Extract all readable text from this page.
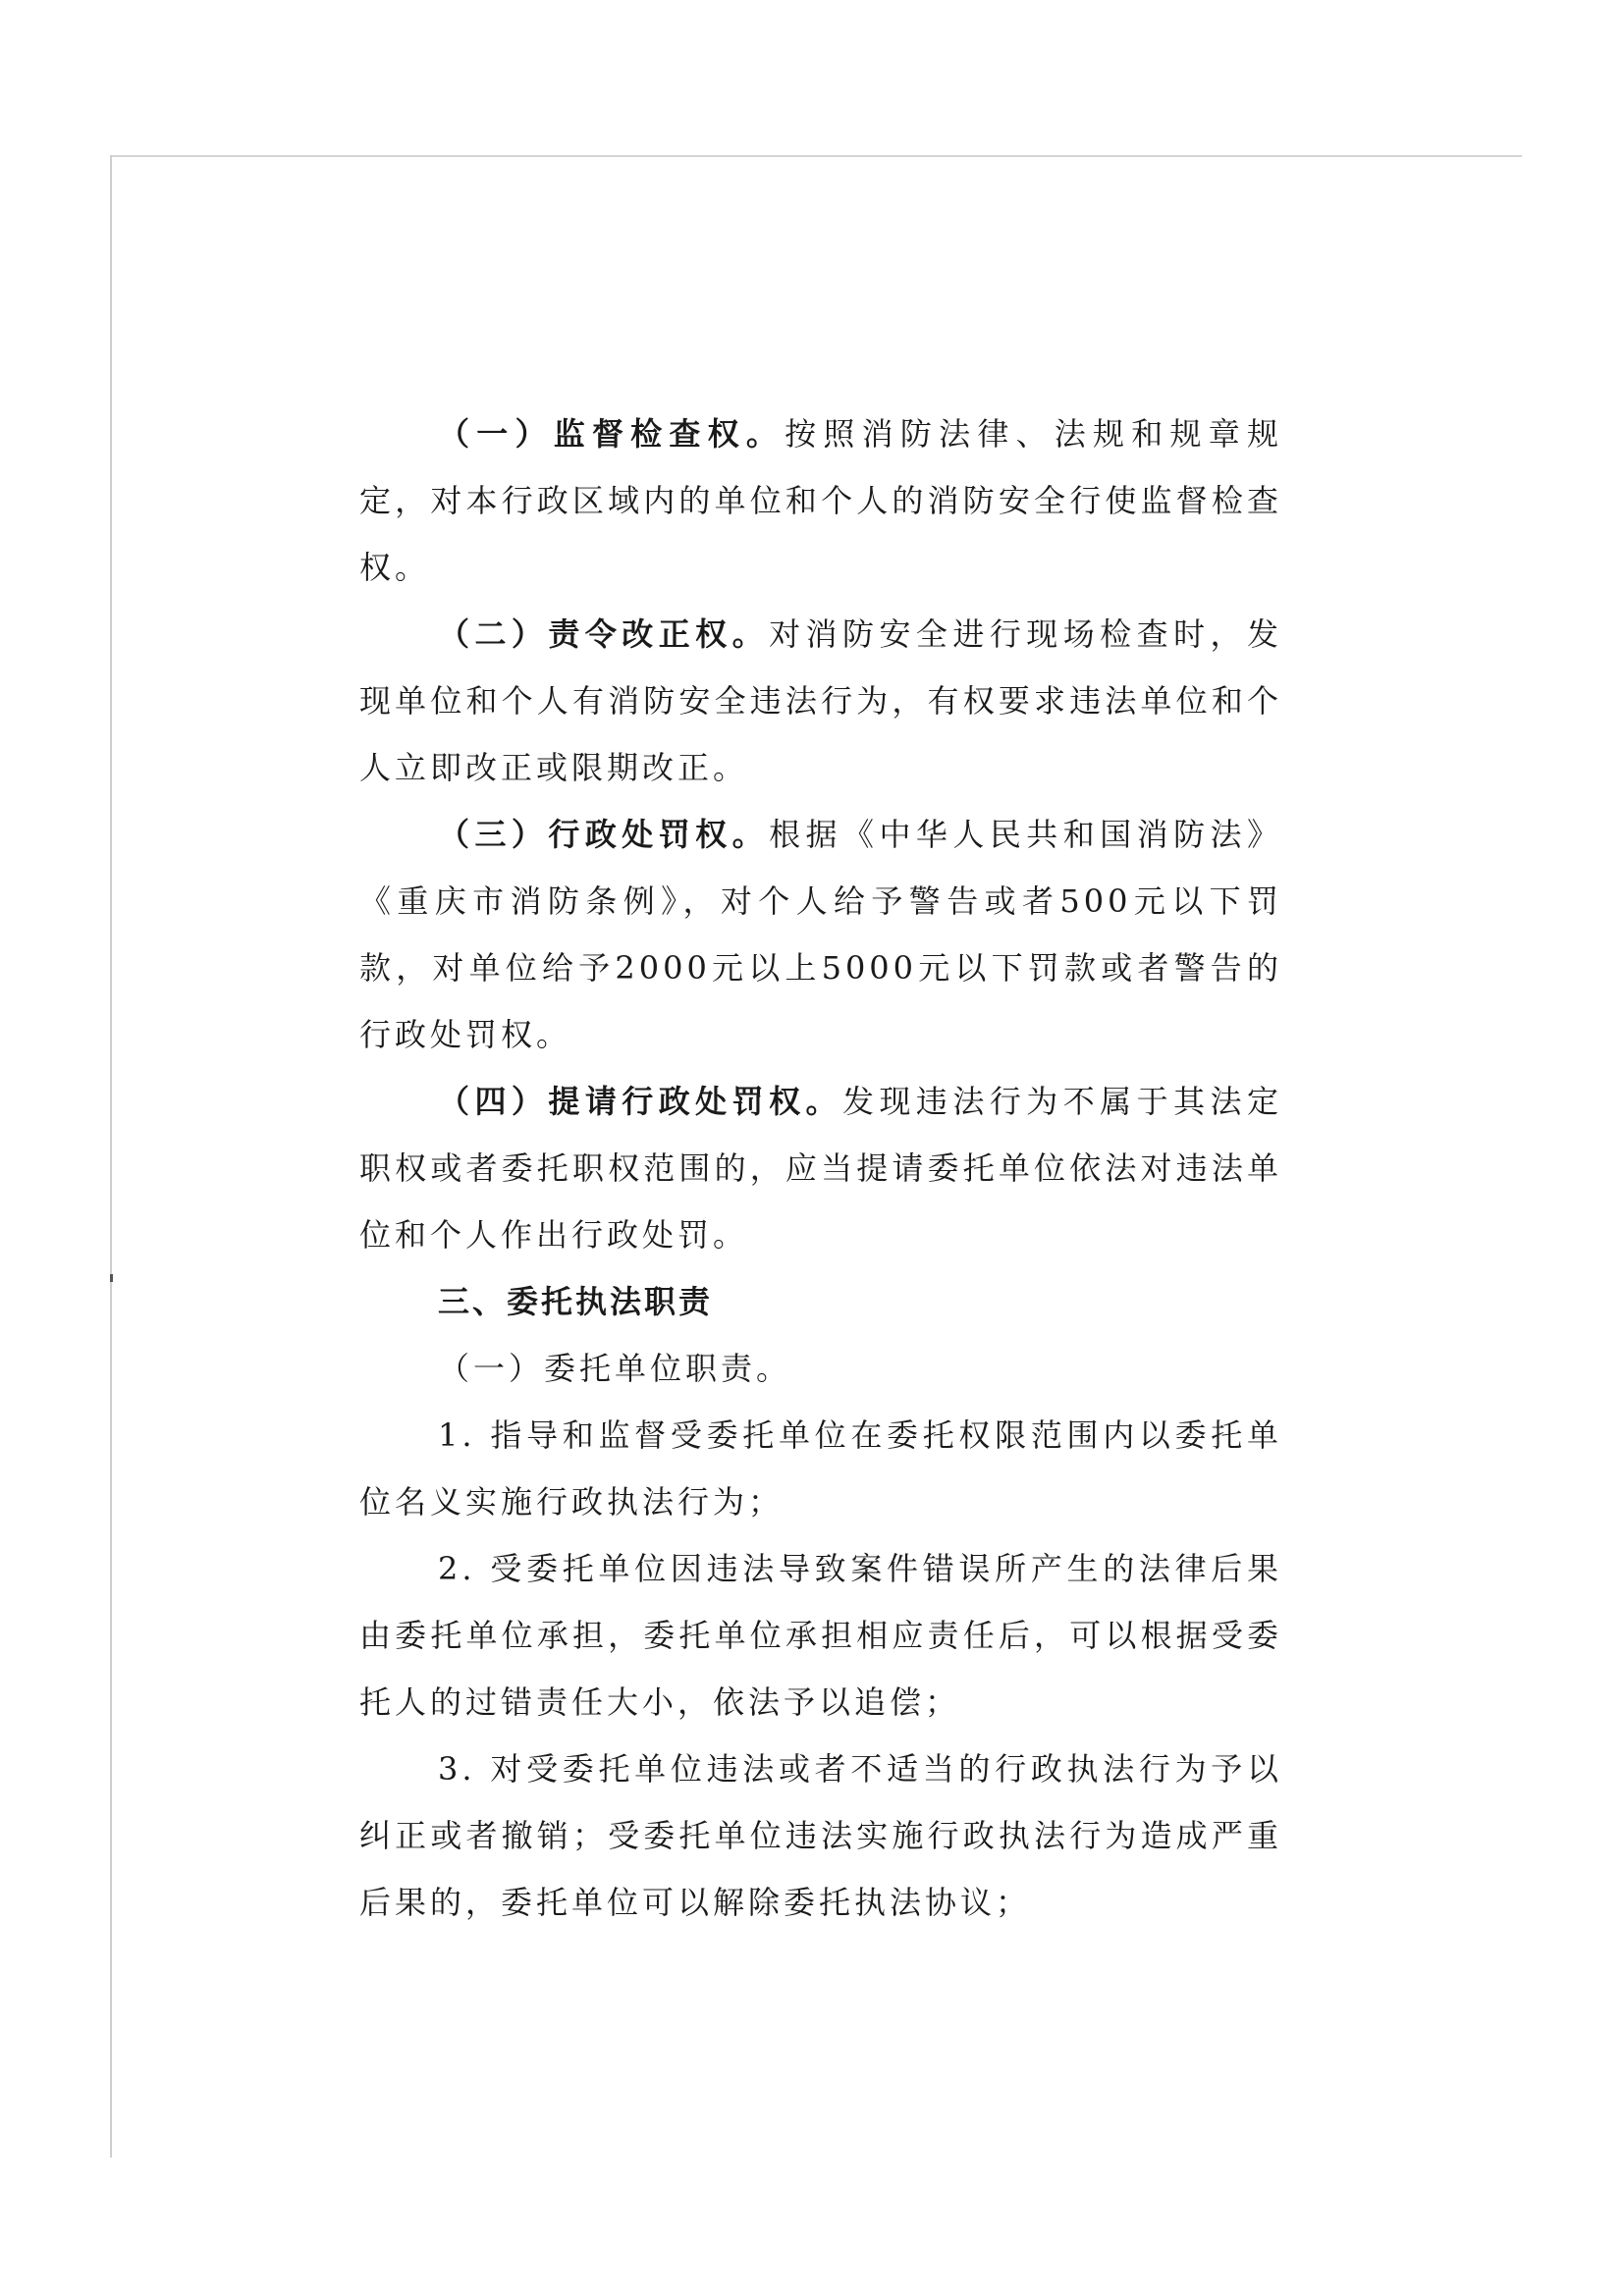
（一）监督检查权。按照消防法律、法规和规章规定，对本行政区域内的单位和个人的消防安全行使监督检查权。

（二）责令改正权。对消防安全进行现场检查时，发现单位和个人有消防安全违法行为，有权要求违法单位和个人立即改正或限期改正。

（三）行政处罚权。根据《中华人民共和国消防法》《重庆市消防条例》，对个人给予警告或者500元以下罚款，对单位给予2000元以上5000元以下罚款或者警告的行政处罚权。

（四）提请行政处罚权。发现违法行为不属于其法定职权或者委托职权范围的，应当提请委托单位依法对违法单位和个人作出行政处罚。

三、委托执法职责

（一）委托单位职责。

1. 指导和监督受委托单位在委托权限范围内以委托单位名义实施行政执法行为；

2. 受委托单位因违法导致案件错误所产生的法律后果由委托单位承担，委托单位承担相应责任后，可以根据受委托人的过错责任大小，依法予以追偿；

3. 对受委托单位违法或者不适当的行政执法行为予以纠正或者撤销；受委托单位违法实施行政执法行为造成严重后果的，委托单位可以解除委托执法协议；
